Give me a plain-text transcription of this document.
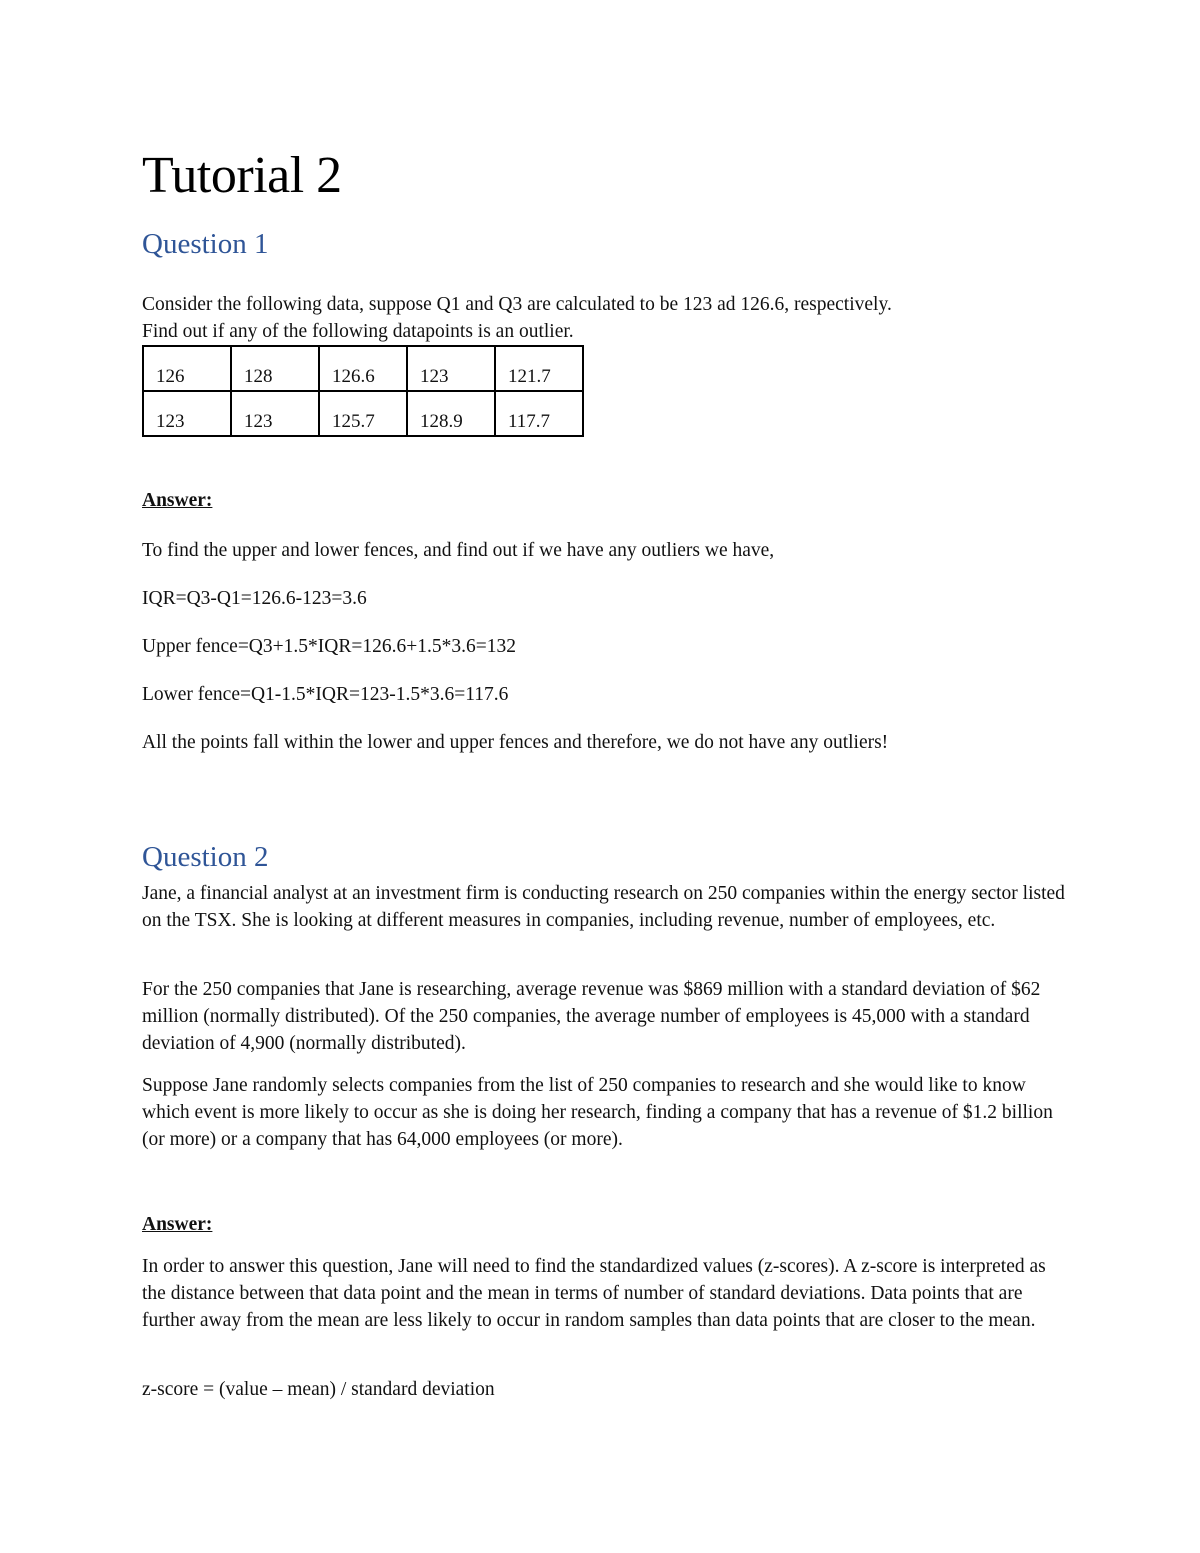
Tutorial 2
Question 1

Consider the following data, suppose Q1 and Q3 are calculated to be 123 ad 126.6, respectively.

Find out if any of the following datapoints is an outlier.

126	128	126.6	123	121.7
123	123	125.7	128.9	117.7

Answer:

To find the upper and lower fences, and find out if we have any outliers we have,

IQR=Q3-Q1=126.6-123=3.6

Upper fence=Q3+1.5*IQR=126.6+1.5*3.6=132

Lower fence=Q1-1.5*IQR=123-1.5*3.6=117.6

All the points fall within the lower and upper fences and therefore, we do not have any outliers!

Question 2

Jane, a financial analyst at an investment firm is conducting research on 250 companies within the energy sector listed on the TSX. She is looking at different measures in companies, including revenue, number of employees, etc.

For the 250 companies that Jane is researching, average revenue was $869 million with a standard deviation of $62 million (normally distributed). Of the 250 companies, the average number of employees is 45,000 with a standard deviation of 4,900 (normally distributed).

Suppose Jane randomly selects companies from the list of 250 companies to research and she would like to know which event is more likely to occur as she is doing her research, finding a company that has a revenue of $1.2 billion (or more) or a company that has 64,000 employees (or more).

Answer:

In order to answer this question, Jane will need to find the standardized values (z-scores). A z-score is interpreted as the distance between that data point and the mean in terms of number of standard deviations. Data points that are further away from the mean are less likely to occur in random samples than data points that are closer to the mean.

z-score = (value – mean) / standard deviation
